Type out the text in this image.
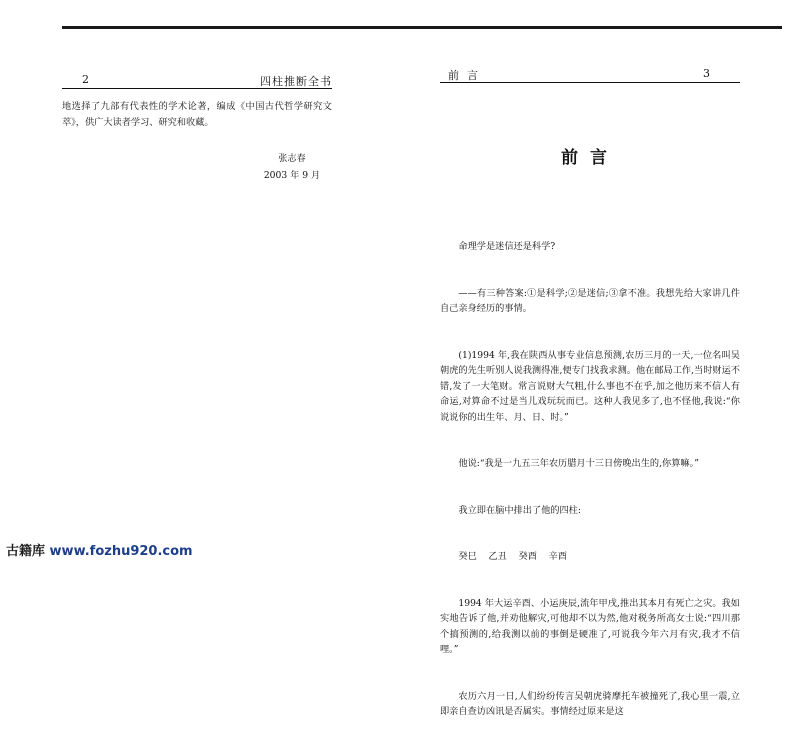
2	四柱推断全书
地选择了九部有代表性的学术论著，编成《中国古代哲学研究文萃》，供广大读者学习、研究和收藏。
张志春
2003 年 9 月
前言	3
前言

命理学是迷信还是科学?

——有三种答案:①是科学;②是迷信;③拿不准。我想先给大家讲几件自己亲身经历的事情。

(1)1994 年,我在陕西从事专业信息预测,农历三月的一天,一位名叫吴朝虎的先生听别人说我测得准,便专门找我求测。他在邮局工作,当时财运不错,发了一大笔财。常言说财大气粗,什么事也不在乎,加之他历来不信人有命运,对算命不过是当儿戏玩玩而已。这种人我见多了,也不怪他,我说:“你说说你的出生年、月、日、时。”

他说:“我是一九五三年农历腊月十三日傍晚出生的,你算嘛。”

我立即在脑中排出了他的四柱:

癸巳    乙丑    癸酉    辛酉

1994 年大运辛酉、小运庚辰,流年甲戌,推出其本月有死亡之灾。我如实地告诉了他,并劝他解灾,可他却不以为然,他对税务所高女士说:“四川那个搞预测的,给我测以前的事倒是硬准了,可说我今年六月有灾,我才不信哩。”

农历六月一日,人们纷纷传言吴朝虎骑摩托车被撞死了,我心里一震,立即亲自查访凶讯是否属实。事情经过原来是这

古籍库 www.fozhu920.com
